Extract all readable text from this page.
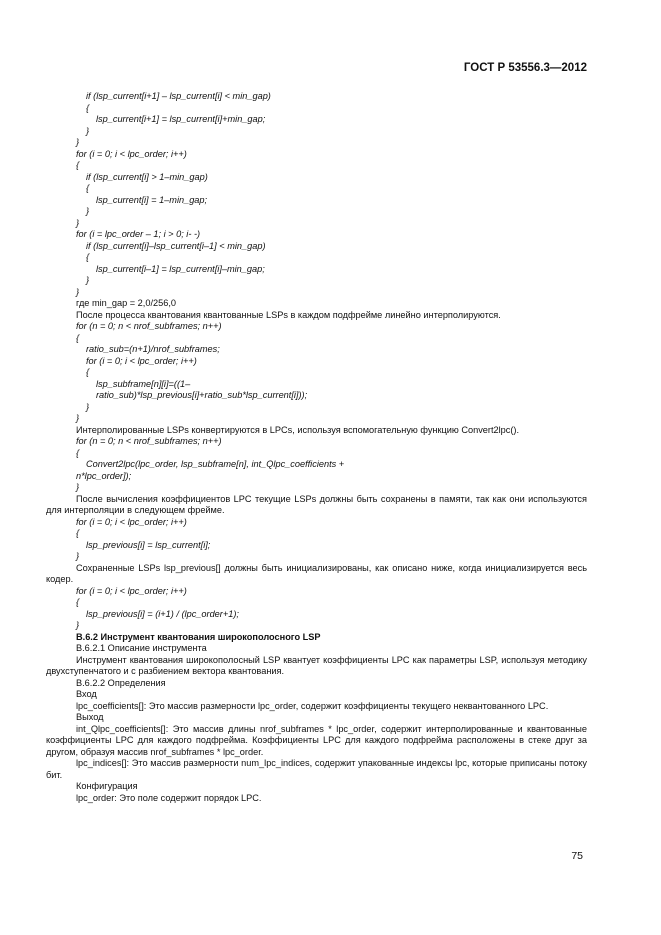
ГОСТ Р 53556.3—2012
if (lsp_current[i+1] – lsp_current[i] < min_gap)
{
lsp_current[i+1] = lsp_current[i]+min_gap;
}
}
for (i = 0; i < lpc_order; i++)
{
if (lsp_current[i] > 1–min_gap)
{
lsp_current[i] = 1–min_gap;
}
}
for (i = lpc_order – 1; i > 0; i- -)
if (lsp_current[i]–lsp_current[i–1] < min_gap)
{
lsp_current[i–1] = lsp_current[i]–min_gap;
}
}
где min_gap = 2,0/256,0
После процесса квантования квантованные LSPs в каждом подфрейме линейно интерполируются.
for (n = 0; n < nrof_subframes; n++)
{
ratio_sub=(n+1)/nrof_subframes;
for (i = 0; i < lpc_order; i++)
{
lsp_subframe[n][i]=((1–
ratio_sub)*lsp_previous[i]+ratio_sub*lsp_current[i]));
}
}
Интерполированные LSPs конвертируются в LPCs, используя вспомогательную функцию Convert2lpc().
for (n = 0; n < nrof_subframes; n++)
{
Convert2lpc(lpc_order, lsp_subframe[n], int_Qlpc_coefficients +
n*lpc_order]);
}
После вычисления коэффициентов LPC текущие LSPs должны быть сохранены в памяти, так как они используются для интерполяции в следующем фрейме.
for (i = 0; i < lpc_order; i++)
{
lsp_previous[i] = lsp_current[i];
}
Сохраненные LSPs lsp_previous[] должны быть инициализированы, как описано ниже, когда инициализируется весь кодер.
for (i = 0; i < lpc_order; i++)
{
lsp_previous[i] = (i+1) / (lpc_order+1);
}
В.6.2 Инструмент квантования широкополосного LSP
В.6.2.1 Описание инструмента
Инструмент квантования широкополосный LSP квантует коэффициенты LPC как параметры LSP, используя методику двухступенчатого и с разбиением вектора квантования.
В.6.2.2 Определения
Вход
lpc_coefficients[]: Это массив размерности lpc_order, содержит коэффициенты текущего неквантованного LPC.
Выход
int_Qlpc_coefficients[]: Это массив длины nrof_subframes * lpc_order, содержит интерполированные и квантованные коэффициенты LPC для каждого подфрейма. Коэффициенты LPC для каждого подфрейма расположены в стеке друг за другом, образуя массив nrof_subframes * lpc_order.
lpc_indices[]: Это массив размерности num_lpc_indices, содержит упакованные индексы lpc, которые приписаны потоку бит.
Конфигурация
lpc_order: Это поле содержит порядок LPC.
75
